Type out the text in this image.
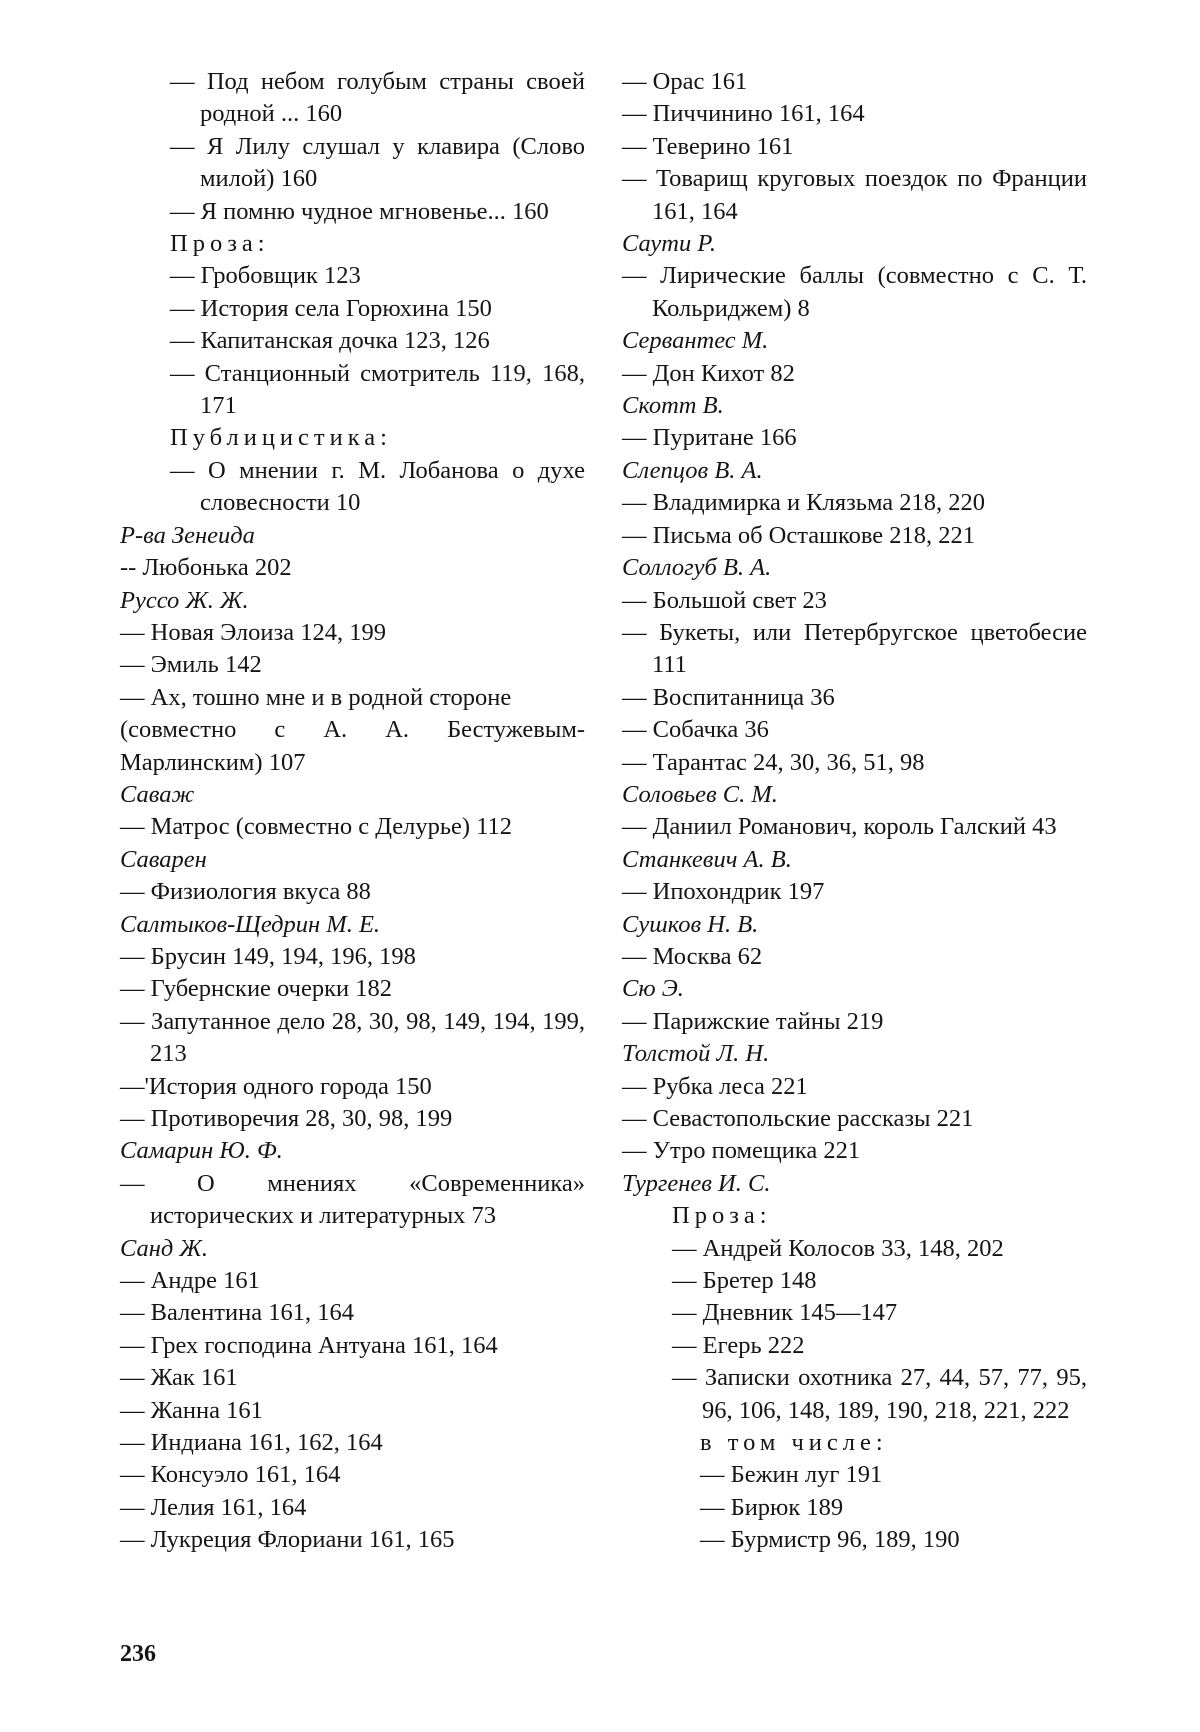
— Под небом голубым страны своей родной ... 160
— Я Лилу слушал у клавира (Слово милой) 160
— Я помню чудное мгновенье... 160
Проза:
— Гробовщик 123
— История села Горюхина 150
— Капитанская дочка 123, 126
— Станционный смотритель 119, 168, 171
Публицистика:
— О мнении г. М. Лобанова о духе словесности 10
Р-ва Зенеида
-- Любонька 202
Руссо Ж. Ж.
— Новая Элоиза 124, 199
— Эмиль 142
— Ах, тошно мне и в родной стороне
(совместно с А. А. Бестужевым-Марлинским) 107
Саваж
— Матрос (совместно с Делурье) 112
Саварен
— Физиология вкуса 88
Салтыков-Щедрин М. Е.
— Брусин 149, 194, 196, 198
— Губернские очерки 182
— Запутанное дело 28, 30, 98, 149, 194, 199, 213
—'История одного города 150
— Противоречия 28, 30, 98, 199
Самарин Ю. Ф.
— О мнениях «Современника» исторических и литературных 73
Санд Ж.
— Андре 161
— Валентина 161, 164
— Грех господина Антуана 161, 164
— Жак 161
— Жанна 161
— Индиана 161, 162, 164
— Консуэло 161, 164
— Лелия 161, 164
— Лукреция Флориани 161, 165
— Орас 161
— Пиччинино 161, 164
— Теверино 161
— Товарищ круговых поездок по Франции 161, 164
Саути Р.
— Лирические баллы (совместно с С. Т. Кольриджем) 8
Сервантес М.
— Дон Кихот 82
Скотт В.
— Пуритане 166
Слепцов В. А.
— Владимирка и Клязьма 218, 220
— Письма об Осташкове 218, 221
Соллогуб В. А.
— Большой свет 23
— Букеты, или Петербругское цветобесие 111
— Воспитанница 36
— Собачка 36
— Тарантас 24, 30, 36, 51, 98
Соловьев С. М.
— Даниил Романович, король Галский 43
Станкевич А. В.
— Ипохондрик 197
Сушков Н. В.
— Москва 62
Сю Э.
— Парижские тайны 219
Толстой Л. Н.
— Рубка леса 221
— Севастопольские рассказы 221
— Утро помещика 221
Тургенев И. С.
Проза:
— Андрей Колосов 33, 148, 202
— Бретер 148
— Дневник 145—147
— Егерь 222
— Записки охотника 27, 44, 57, 77, 95, 96, 106, 148, 189, 190, 218, 221, 222
в том числе:
— Бежин луг 191
— Бирюк 189
— Бурмистр 96, 189, 190
236
